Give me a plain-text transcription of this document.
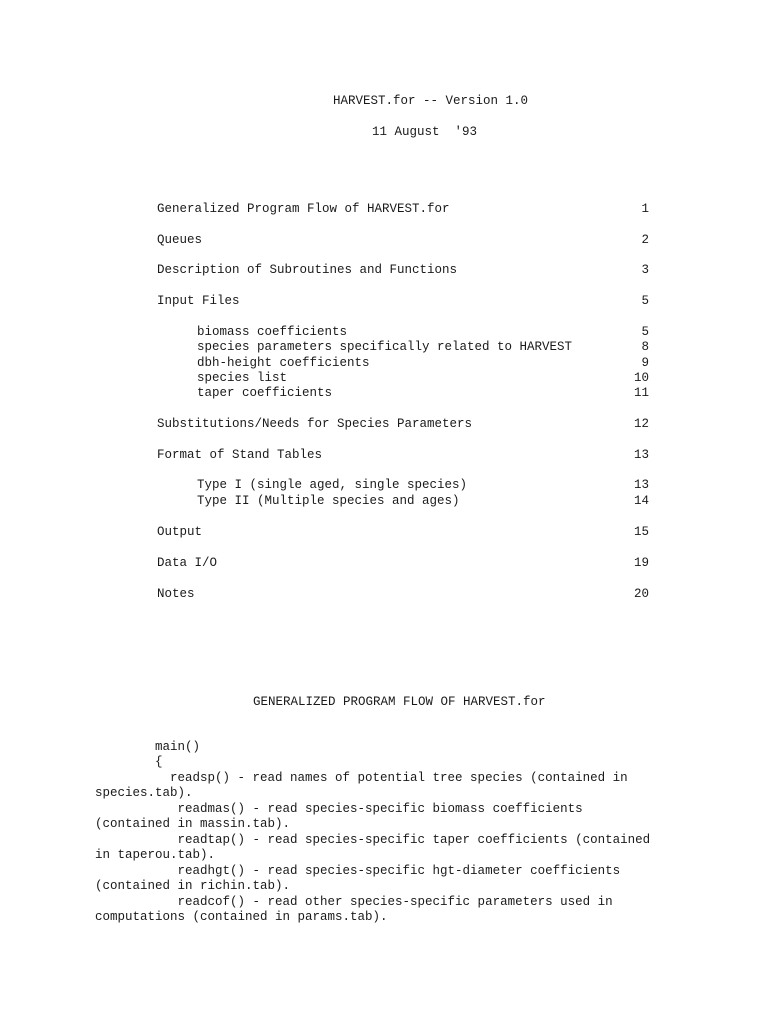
HARVEST.for -- Version 1.0
11 August  '93
Generalized Program Flow of HARVEST.for	1
Queues	2
Description of Subroutines and Functions	3
Input Files	5
biomass coefficients	5
species parameters specifically related to HARVEST	8
dbh-height coefficients	9
species list	10
taper coefficients	11
Substitutions/Needs for Species Parameters	12
Format of Stand Tables	13
Type I (single aged, single species)	13
Type II (Multiple species and ages)	14
Output	15
Data I/O	19
Notes	20
GENERALIZED PROGRAM FLOW OF HARVEST.for
main()
{
readsp() - read names of potential tree species (contained in
species.tab).
readmas() - read species-specific biomass coefficients
(contained in massin.tab).
readtap() - read species-specific taper coefficients (contained
in taperou.tab).
readhgt() - read species-specific hgt-diameter coefficients
(contained in richin.tab).
readcof() - read other species-specific parameters used in
computations (contained in params.tab).
